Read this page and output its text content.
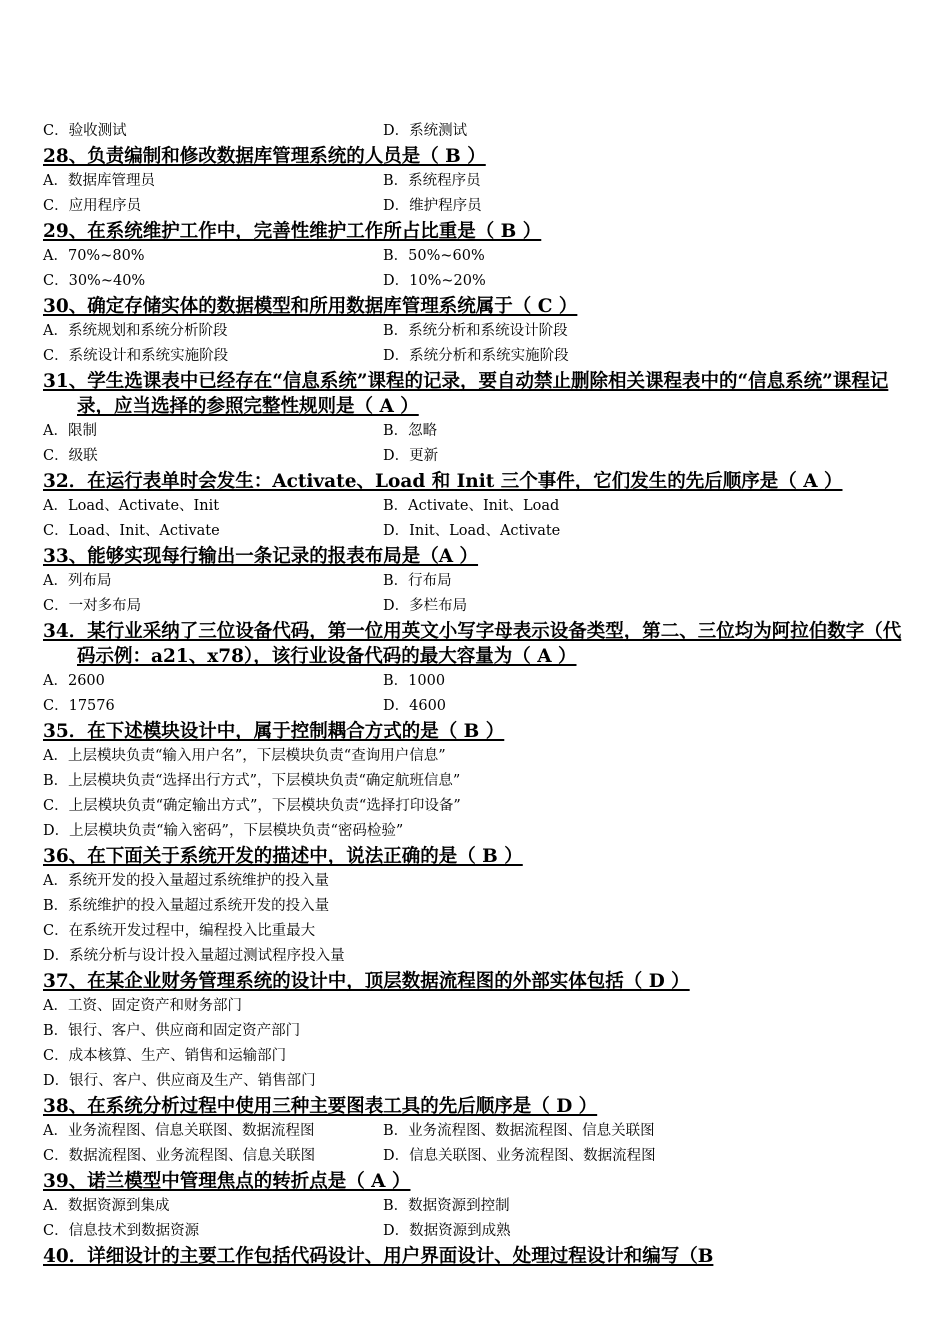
C．验收测试	D．系统测试
28、负责编制和修改数据库管理系统的人员是（ B ）
A．数据库管理员	B．系统程序员
C．应用程序员	D．维护程序员
29、在系统维护工作中，完善性维护工作所占比重是（ B ）
A．70%~80%	B．50%~60%
C．30%~40%	D．10%~20%
30、确定存储实体的数据模型和所用数据库管理系统属于（ C ）
A．系统规划和系统分析阶段	B．系统分析和系统设计阶段
C．系统设计和系统实施阶段	D．系统分析和系统实施阶段
31、学生选课表中已经存在“信息系统”课程的记录，要自动禁止删除相关课程表中的“信息系统”课程记录，应当选择的参照完整性规则是（ A ）
A．限制	B．忽略
C．级联	D．更新
32．在运行表单时会发生：Activate、Load 和 Init 三个事件，它们发生的先后顺序是（ A ）
A．Load、Activate、Init	B．Activate、Init、Load
C．Load、Init、Activate	D．Init、Load、Activate
33、能够实现每行输出一条记录的报表布局是（A ）
A．列布局	B．行布局
C．一对多布局	D．多栏布局
34．某行业采纳了三位设备代码，第一位用英文小写字母表示设备类型，第二、三位均为阿拉伯数字（代码示例：a21、x78），该行业设备代码的最大容量为（ A ）
A．2600	B．1000
C．17576	D．4600
35．在下述模块设计中，属于控制耦合方式的是（ B ）
A．上层模块负责“输入用户名”，下层模块负责“查询用户信息”
B．上层模块负责“选择出行方式”，下层模块负责“确定航班信息”
C．上层模块负责“确定输出方式”，下层模块负责“选择打印设备”
D．上层模块负责“输入密码”，下层模块负责“密码检验”
36、在下面关于系统开发的描述中，说法正确的是（ B ）
A．系统开发的投入量超过系统维护的投入量
B．系统维护的投入量超过系统开发的投入量
C．在系统开发过程中，编程投入比重最大
D．系统分析与设计投入量超过测试程序投入量
37、在某企业财务管理系统的设计中，顶层数据流程图的外部实体包括（ D ）
A．工资、固定资产和财务部门
B．银行、客户、供应商和固定资产部门
C．成本核算、生产、销售和运输部门
D．银行、客户、供应商及生产、销售部门
38、在系统分析过程中使用三种主要图表工具的先后顺序是（ D ）
A．业务流程图、信息关联图、数据流程图	B．业务流程图、数据流程图、信息关联图
C．数据流程图、业务流程图、信息关联图	D．信息关联图、业务流程图、数据流程图
39、诺兰模型中管理焦点的转折点是（ A ）
A．数据资源到集成	B．数据资源到控制
C．信息技术到数据资源	D．数据资源到成熟
40．详细设计的主要工作包括代码设计、用户界面设计、处理过程设计和编写（B
